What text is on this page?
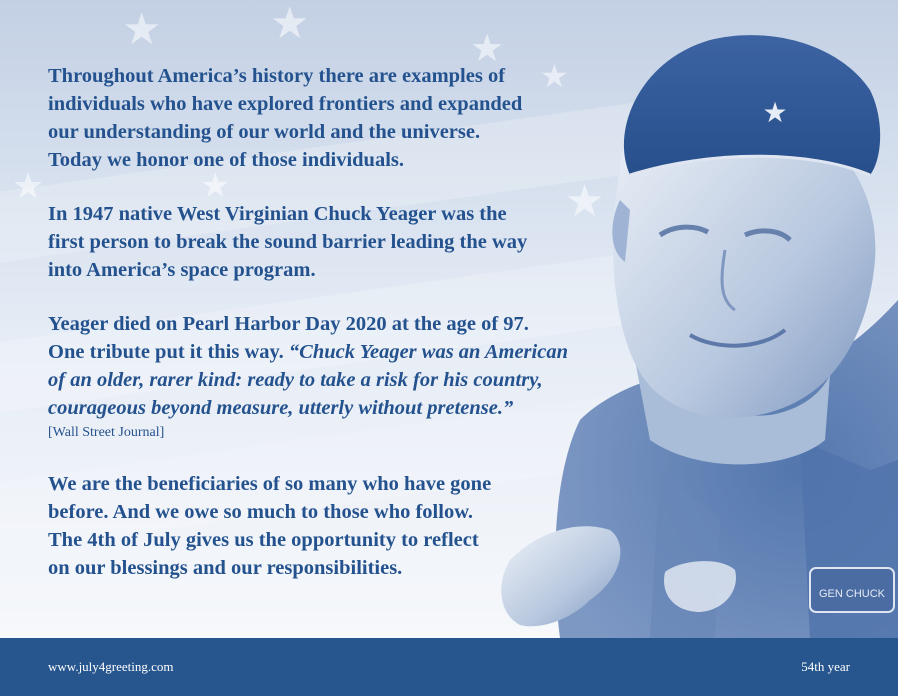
★ ★
★
★
★	★
★
GEN CHUCK
★

Throughout America’s history there are examples of
individuals who have explored frontiers and expanded
our understanding of our world and the universe.
Today we honor one of those individuals.

In 1947 native West Virginian Chuck Yeager was the
first person to break the sound barrier leading the way
into America’s space program.

Yeager died on Pearl Harbor Day 2020 at the age of 97.
One tribute put it this way. “Chuck Yeager was an American
of an older, rarer kind: ready to take a risk for his country,
courageous beyond measure, utterly without pretense.”

[Wall Street Journal]

We are the beneficiaries of so many who have gone
before. And we owe so much to those who follow.
The 4th of July gives us the opportunity to reflect
on our blessings and our responsibilities.

www.july4greeting.com	54th year
